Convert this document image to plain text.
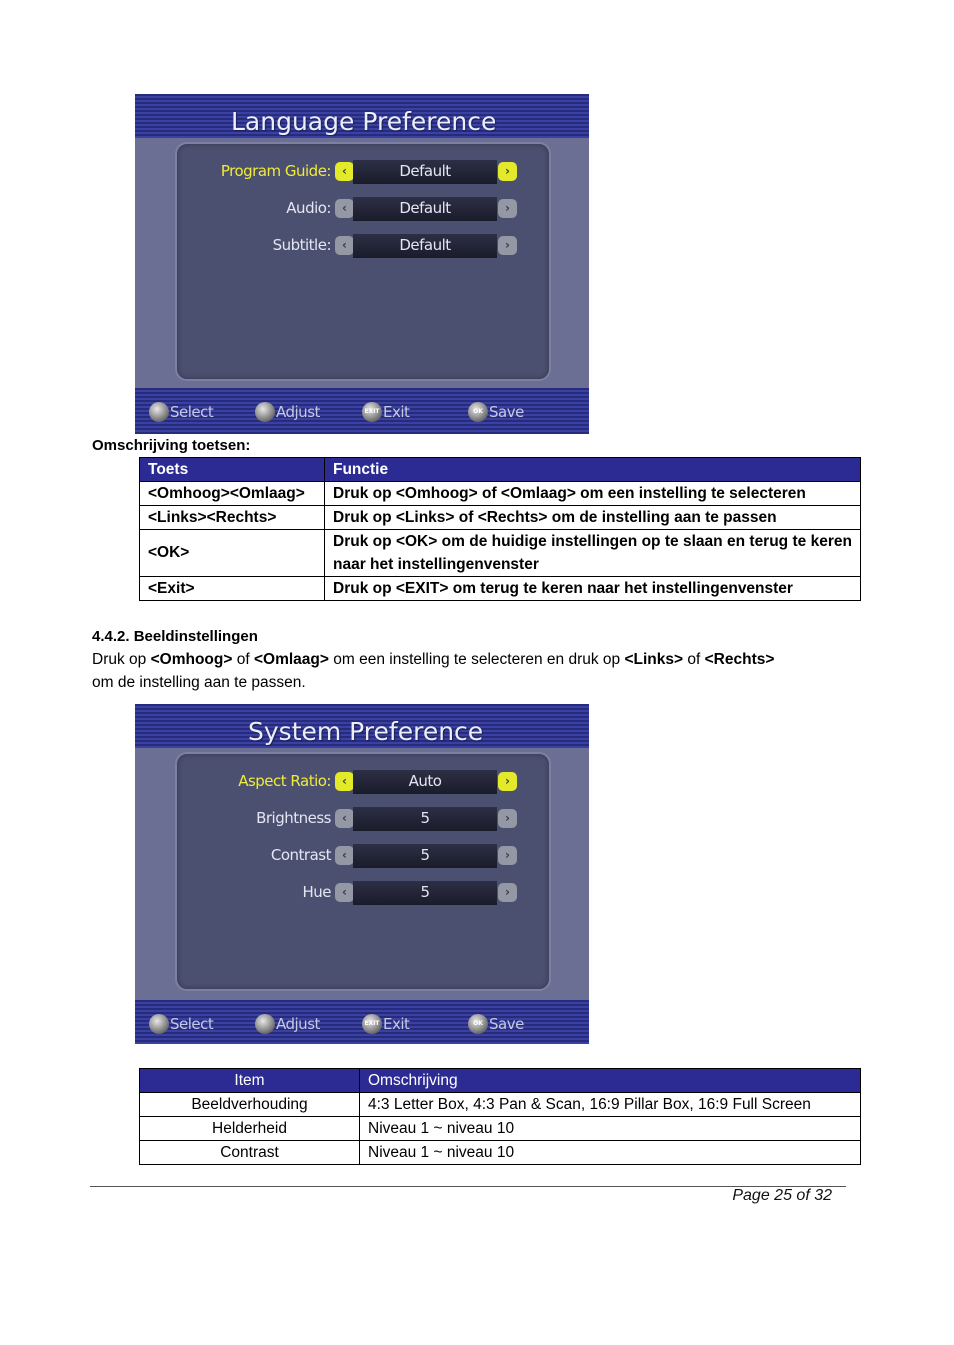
Language Preference
Program Guide: ‹	Default	›
Audio: ‹	Default	›
Subtitle: ‹	Default	›
Select	Adjust	EXIT Exit	OK Save
Omschrijving toetsen:
Toets	Functie
<Omhoog><Omlaag>	Druk op <Omhoog> of <Omlaag> om een instelling te selecteren
<Links><Rechts>	Druk op <Links> of <Rechts> om de instelling aan te passen
<OK>	Druk op <OK> om de huidige instellingen op te slaan en terug te keren naar het instellingenvenster
<Exit>	Druk op <EXIT> om terug te keren naar het instellingenvenster
4.4.2. Beeldinstellingen
Druk op <Omhoog> of <Omlaag> om een instelling te selecteren en druk op <Links> of <Rechts>
om de instelling aan te passen.
System Preference
Aspect Ratio: ‹	Auto	›
Brightness ‹	5	›
Contrast ‹	5	›
Hue ‹	5	›
Select	Adjust	EXIT Exit	OK Save
Item	Omschrijving
Beeldverhouding	4:3 Letter Box, 4:3 Pan & Scan, 16:9 Pillar Box, 16:9 Full Screen
Helderheid	Niveau 1 ~ niveau 10
Contrast	Niveau 1 ~ niveau 10
Page 25 of 32
